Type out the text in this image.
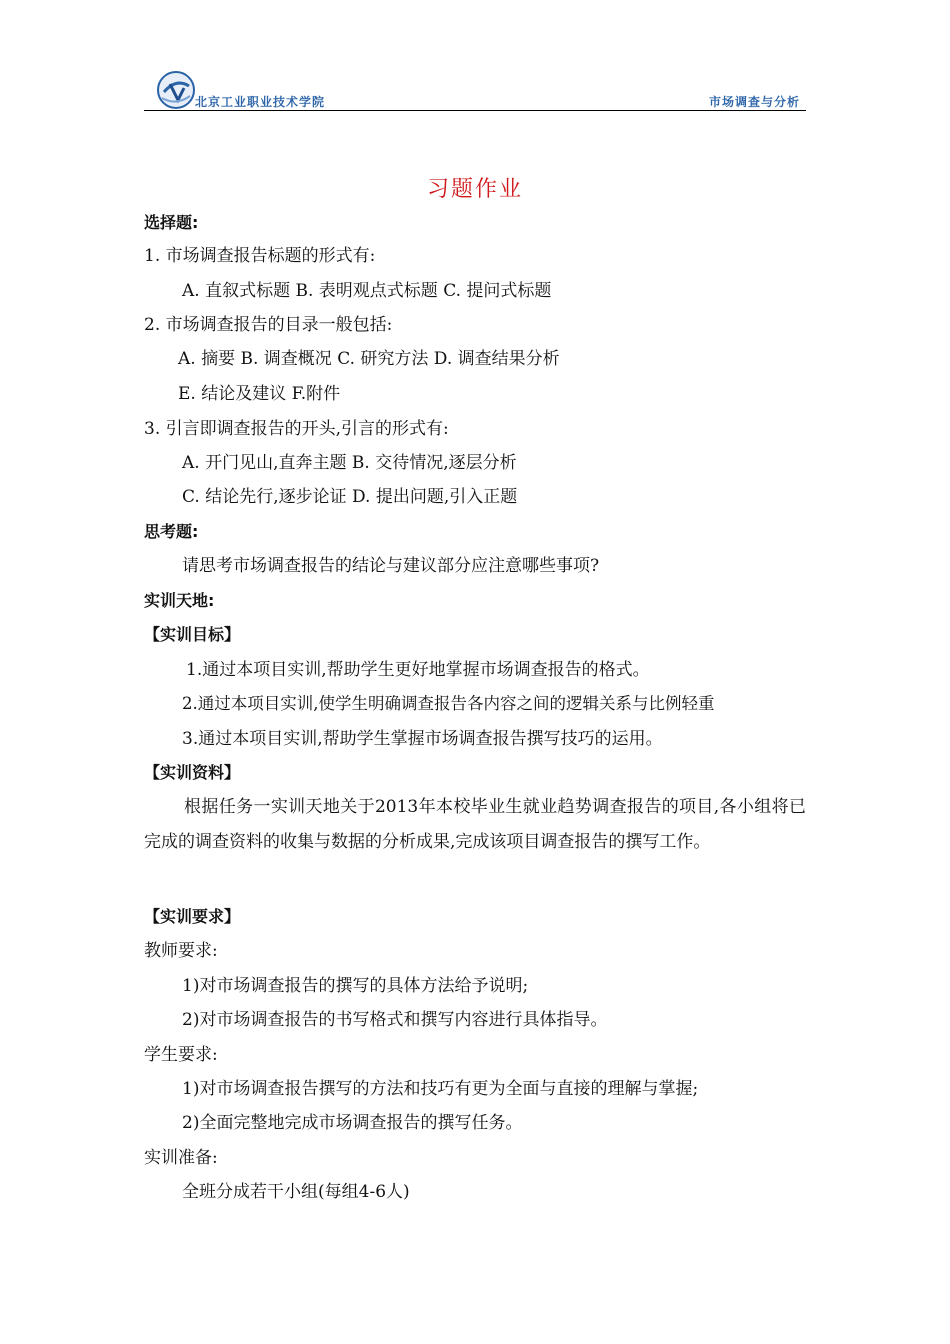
北京工业职业技术学院	市场调查与分析
习题作业
选择题:
1. 市场调查报告标题的形式有:
A. 直叙式标题 B. 表明观点式标题 C. 提问式标题
2. 市场调查报告的目录一般包括:
A. 摘要 B. 调查概况 C. 研究方法 D. 调查结果分析
E. 结论及建议 F.附件
3. 引言即调查报告的开头,引言的形式有:
A. 开门见山,直奔主题 B. 交待情况,逐层分析
C. 结论先行,逐步论证 D. 提出问题,引入正题
思考题:
请思考市场调查报告的结论与建议部分应注意哪些事项?
实训天地:
【实训目标】
1.通过本项目实训,帮助学生更好地掌握市场调查报告的格式。
2.通过本项目实训,使学生明确调查报告各内容之间的逻辑关系与比例轻重
3.通过本项目实训,帮助学生掌握市场调查报告撰写技巧的运用。
【实训资料】
根据任务一实训天地关于2013年本校毕业生就业趋势调查报告的项目,各小组将已完成的调查资料的收集与数据的分析成果,完成该项目调查报告的撰写工作。
【实训要求】
教师要求:
1)对市场调查报告的撰写的具体方法给予说明;
2)对市场调查报告的书写格式和撰写内容进行具体指导。
学生要求:
1)对市场调查报告撰写的方法和技巧有更为全面与直接的理解与掌握;
2)全面完整地完成市场调查报告的撰写任务。
实训准备:
全班分成若干小组(每组4-6人)
